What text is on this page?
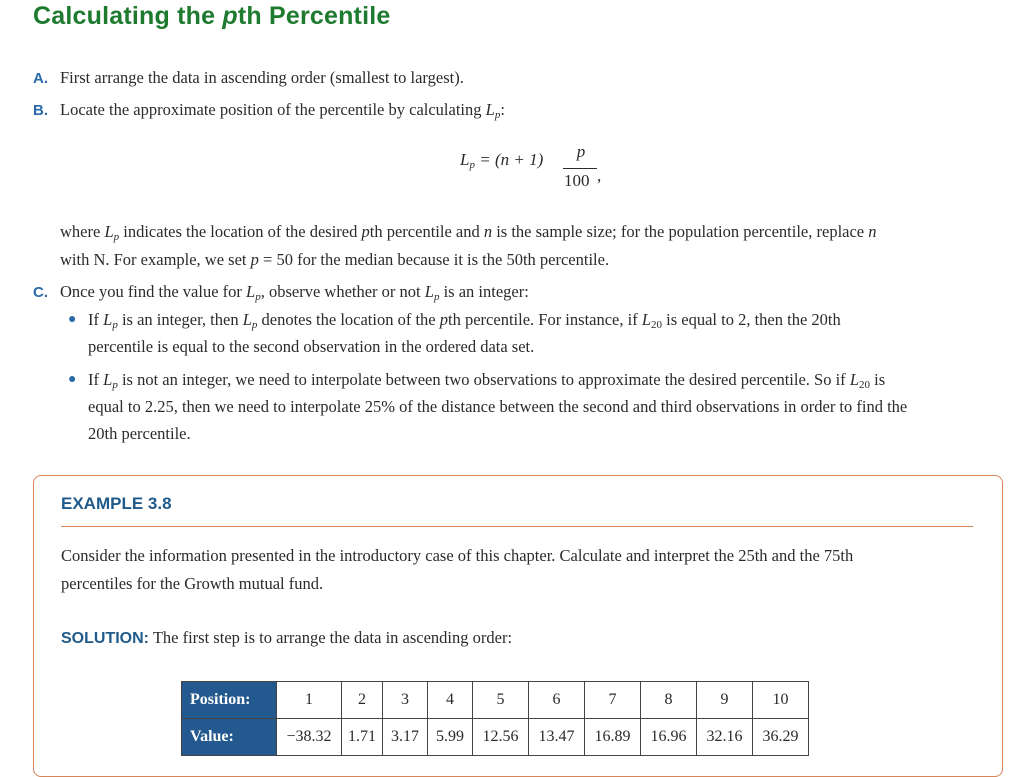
Calculating the pth Percentile
A. First arrange the data in ascending order (smallest to largest).
B. Locate the approximate position of the percentile by calculating $L_p$:
$L_p = (n + 1)$	p
100 ,
where $L_p$ indicates the location of the desired pth percentile and n is the sample size; for the population percentile, replace n
with N. For example, we set p = 50 for the median because it is the 50th percentile.
C. Once you find the value for $L_p$, observe whether or not $L_p$ is an integer:
● If $L_p$ is an integer, then $L_p$ denotes the location of the pth percentile. For instance, if $L_{20}$ is equal to 2, then the 20th
percentile is equal to the second observation in the ordered data set.
● If $L_p$ is not an integer, we need to interpolate between two observations to approximate the desired percentile. So if $L_{20}$ is
equal to 2.25, then we need to interpolate 25% of the distance between the second and third observations in order to find the
20th percentile.
EXAMPLE 3.8
Consider the information presented in the introductory case of this chapter. Calculate and interpret the 25th and the 75th
percentiles for the Growth mutual fund.
SOLUTION: The first step is to arrange the data in ascending order:
Position:	1	2	3	4	5	6	7	8	9	10
Value:	−38.32	1.71	3.17	5.99	12.56	13.47	16.89	16.96	32.16	36.29
